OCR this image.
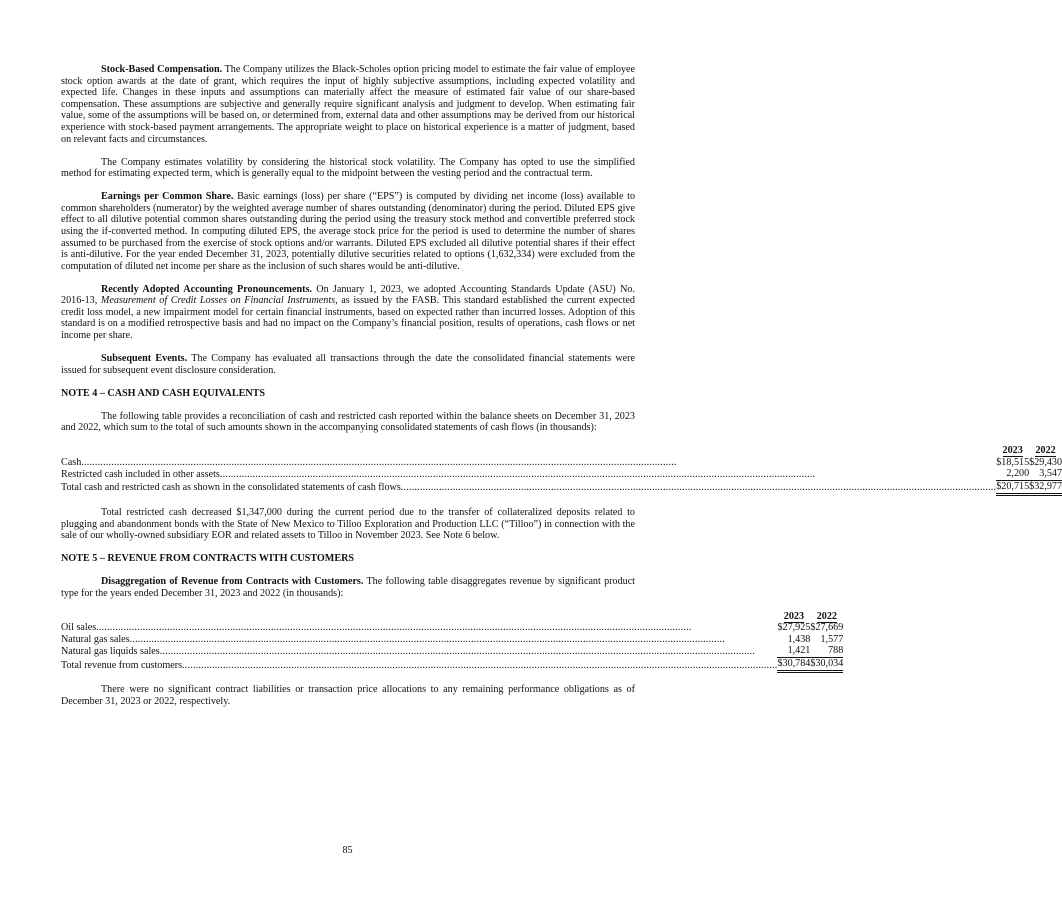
Stock-Based Compensation. The Company utilizes the Black-Scholes option pricing model to estimate the fair value of employee stock option awards at the date of grant, which requires the input of highly subjective assumptions, including expected volatility and expected life. Changes in these inputs and assumptions can materially affect the measure of estimated fair value of our share-based compensation. These assumptions are subjective and generally require significant analysis and judgment to develop. When estimating fair value, some of the assumptions will be based on, or determined from, external data and other assumptions may be derived from our historical experience with stock-based payment arrangements. The appropriate weight to place on historical experience is a matter of judgment, based on relevant facts and circumstances.

The Company estimates volatility by considering the historical stock volatility. The Company has opted to use the simplified method for estimating expected term, which is generally equal to the midpoint between the vesting period and the contractual term.

Earnings per Common Share. Basic earnings (loss) per share (“EPS”) is computed by dividing net income (loss) available to common shareholders (numerator) by the weighted average number of shares outstanding (denominator) during the period. Diluted EPS give effect to all dilutive potential common shares outstanding during the period using the treasury stock method and convertible preferred stock using the if-converted method. In computing diluted EPS, the average stock price for the period is used to determine the number of shares assumed to be purchased from the exercise of stock options and/or warrants. Diluted EPS excluded all dilutive potential shares if their effect is anti-dilutive. For the year ended December 31, 2023, potentially dilutive securities related to options (1,632,334) were excluded from the computation of diluted net income per share as the inclusion of such shares would be anti-dilutive.

Recently Adopted Accounting Pronouncements. On January 1, 2023, we adopted Accounting Standards Update (ASU) No. 2016-13, Measurement of Credit Losses on Financial Instruments, as issued by the FASB. This standard established the current expected credit loss model, a new impairment model for certain financial instruments, based on expected rather than incurred losses. Adoption of this standard is on a modified retrospective basis and had no impact on the Company’s financial position, results of operations, cash flows or net income per share.

Subsequent Events. The Company has evaluated all transactions through the date the consolidated financial statements were issued for subsequent event disclosure consideration.

NOTE 4 – CASH AND CASH EQUIVALENTS

The following table provides a reconciliation of cash and restricted cash reported within the balance sheets on December 31, 2023 and 2022, which sum to the total of such amounts shown in the accompanying consolidated statements of cash flows (in thousands):

		2023		2022	

Cash ..........................................................................................................................................................................................................................		$	18,515		$	29,430

Restricted cash included in other assets ..........................................................................................................................................................................................................................			2,200			3,547

Total cash and restricted cash as shown in the consolidated statements of cash flows ..........................................................................................................................................................................................................................		$	20,715		$	32,977

Total restricted cash decreased $1,347,000 during the current period due to the transfer of collateralized deposits related to plugging and abandonment bonds with the State of New Mexico to Tilloo Exploration and Production LLC (“Tilloo”) in connection with the sale of our wholly-owned subsidiary EOR and related assets to Tilloo in November 2023. See Note 6 below.

NOTE 5 – REVENUE FROM CONTRACTS WITH CUSTOMERS

Disaggregation of Revenue from Contracts with Customers. The following table disaggregates revenue by significant product type for the years ended December 31, 2023 and 2022 (in thousands):

		2023		2022	

Oil sales ..........................................................................................................................................................................................................................		$	27,925		$	27,669

Natural gas sales ..........................................................................................................................................................................................................................			1,438			1,577

Natural gas liquids sales ..........................................................................................................................................................................................................................			1,421			788

Total revenue from customers ..........................................................................................................................................................................................................................		$	30,784		$	30,034

There were no significant contract liabilities or transaction price allocations to any remaining performance obligations as of December 31, 2023 or 2022, respectively.

85
